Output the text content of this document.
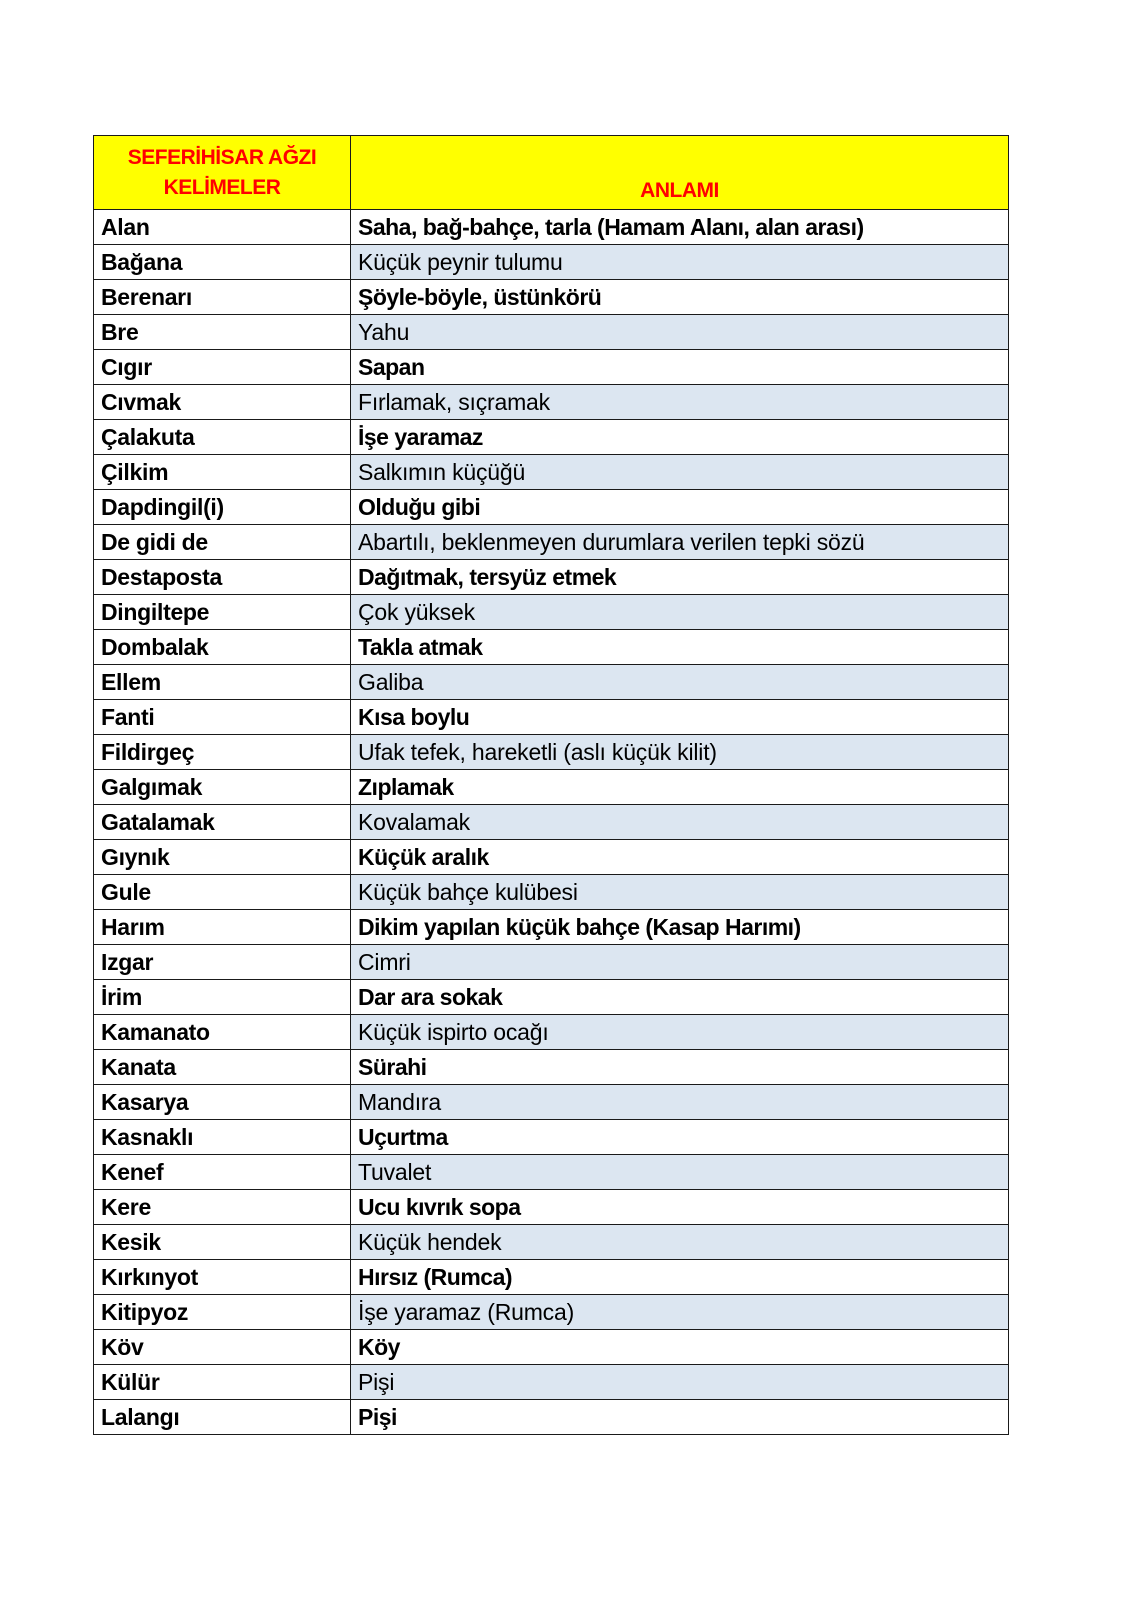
SEFERİHİSAR AĞZI KELİMELER	ANLAMI
Alan	Saha, bağ-bahçe, tarla (Hamam Alanı, alan arası)
Bağana	Küçük peynir tulumu
Berenarı	Şöyle-böyle, üstünkörü
Bre	Yahu
Cıgır	Sapan
Cıvmak	Fırlamak, sıçramak
Çalakuta	İşe yaramaz
Çilkim	Salkımın küçüğü
Dapdingil(i)	Olduğu gibi
De gidi de	Abartılı, beklenmeyen durumlara verilen tepki sözü
Destaposta	Dağıtmak, tersyüz etmek
Dingiltepe	Çok yüksek
Dombalak	Takla atmak
Ellem	Galiba
Fanti	Kısa boylu
Fildirgeç	Ufak tefek, hareketli (aslı küçük kilit)
Galgımak	Zıplamak
Gatalamak	Kovalamak
Gıynık	Küçük aralık
Gule	Küçük bahçe kulübesi
Harım	Dikim yapılan küçük bahçe (Kasap Harımı)
Izgar	Cimri
İrim	Dar ara sokak
Kamanato	Küçük ispirto ocağı
Kanata	Sürahi
Kasarya	Mandıra
Kasnaklı	Uçurtma
Kenef	Tuvalet
Kere	Ucu kıvrık sopa
Kesik	Küçük hendek
Kırkınyot	Hırsız (Rumca)
Kitipyoz	İşe yaramaz (Rumca)
Köv	Köy
Külür	Pişi
Lalangı	Pişi
